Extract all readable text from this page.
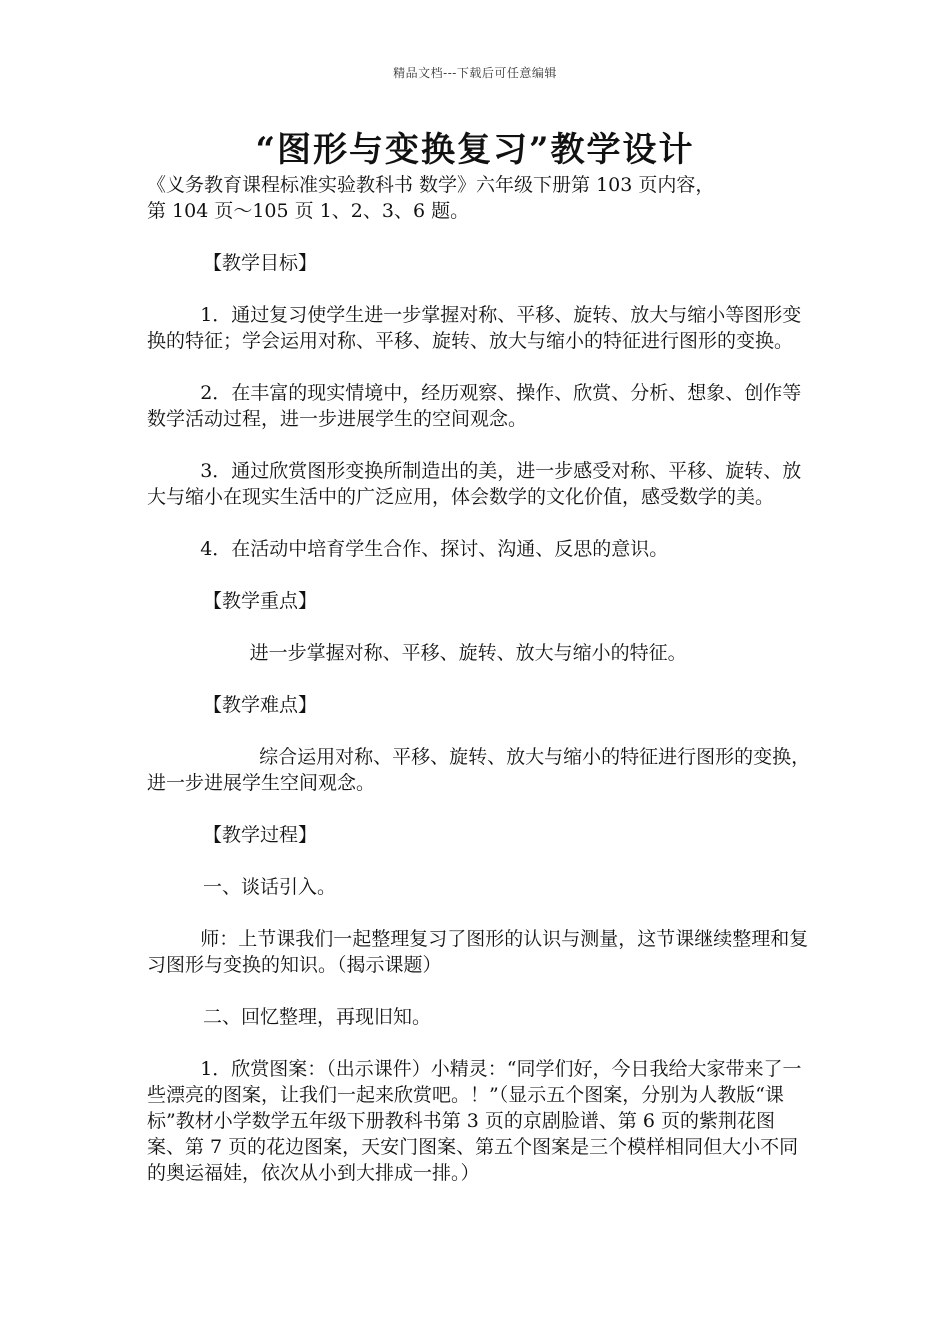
精品文档---下载后可任意编辑
“图形与变换复习”教学设计

《义务教育课程标准实验教科书 数学》六年级下册第 103 页内容，

第 104 页～105 页 1、2、3、6 题。

【教学目标】

1．通过复习使学生进一步掌握对称、平移、旋转、放大与缩小等图形变换的特征；学会运用对称、平移、旋转、放大与缩小的特征进行图形的变换。

2．在丰富的现实情境中，经历观察、操作、欣赏、分析、想象、创作等数学活动过程，进一步进展学生的空间观念。

3．通过欣赏图形变换所制造出的美，进一步感受对称、平移、旋转、放大与缩小在现实生活中的广泛应用，体会数学的文化价值，感受数学的美。

4．在活动中培育学生合作、探讨、沟通、反思的意识。

【教学重点】

进一步掌握对称、平移、旋转、放大与缩小的特征。

【教学难点】

综合运用对称、平移、旋转、放大与缩小的特征进行图形的变换，进一步进展学生空间观念。

【教学过程】

一、谈话引入。

师：上节课我们一起整理复习了图形的认识与测量，这节课继续整理和复习图形与变换的知识。（揭示课题）

二、回忆整理，再现旧知。

1．欣赏图案：（出示课件）小精灵：“同学们好，今日我给大家带来了一些漂亮的图案，让我们一起来欣赏吧。！”（显示五个图案，分别为人教版“课标”教材小学数学五年级下册教科书第 3 页的京剧脸谱、第 6 页的紫荆花图案、第 7 页的花边图案，天安门图案、第五个图案是三个模样相同但大小不同的奥运福娃，依次从小到大排成一排。）
